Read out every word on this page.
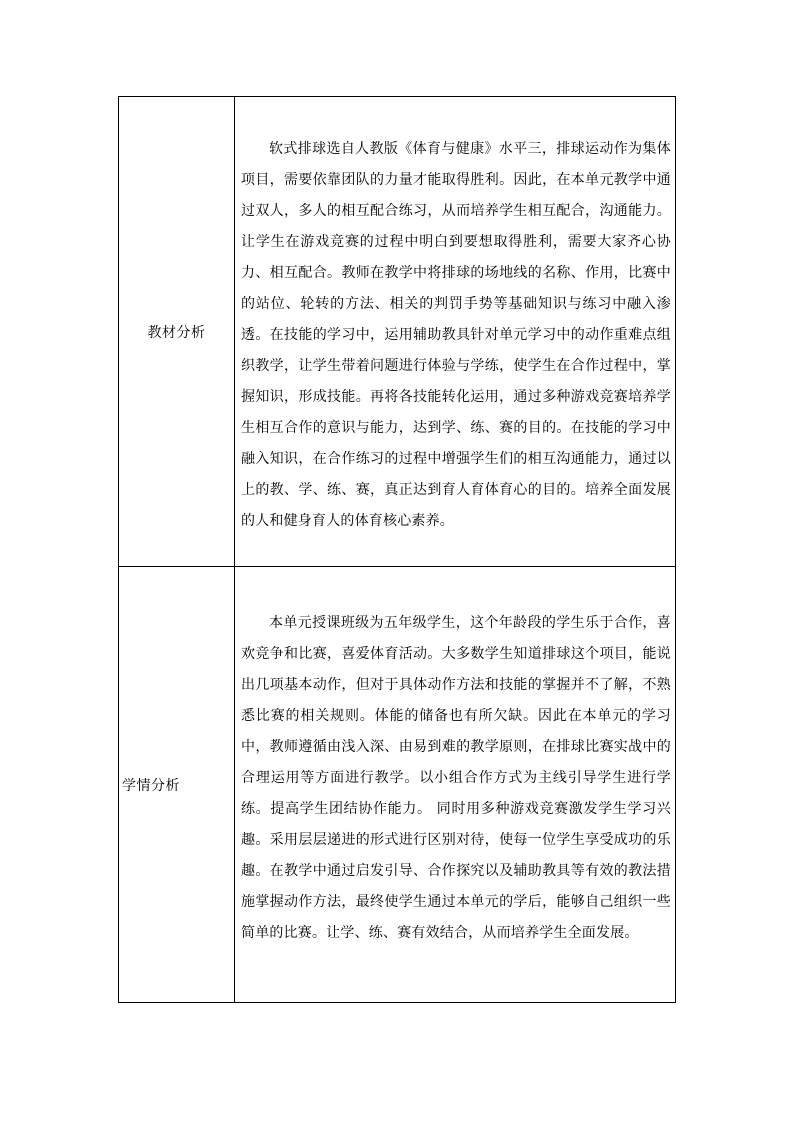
教材分析	软式排球选自人教版《体育与健康》水平三，排球运动作为集体项目，需要依靠团队的力量才能取得胜利。因此，在本单元教学中通过双人，多人的相互配合练习，从而培养学生相互配合，沟通能力。让学生在游戏竞赛的过程中明白到要想取得胜利，需要大家齐心协力、相互配合。教师在教学中将排球的场地线的名称、作用，比赛中的站位、轮转的方法、相关的判罚手势等基础知识与练习中融入渗透。在技能的学习中，运用辅助教具针对单元学习中的动作重难点组织教学，让学生带着问题进行体验与学练，使学生在合作过程中，掌握知识，形成技能。再将各技能转化运用，通过多种游戏竞赛培养学生相互合作的意识与能力，达到学、练、赛的目的。在技能的学习中融入知识，在合作练习的过程中增强学生们的相互沟通能力，通过以上的教、学、练、赛，真正达到育人育体育心的目的。培养全面发展的人和健身育人的体育核心素养。

学情分析	本单元授课班级为五年级学生，这个年龄段的学生乐于合作，喜欢竞争和比赛，喜爱体育活动。大多数学生知道排球这个项目，能说出几项基本动作，但对于具体动作方法和技能的掌握并不了解，不熟悉比赛的相关规则。体能的储备也有所欠缺。因此在本单元的学习中，教师遵循由浅入深、由易到难的教学原则，在排球比赛实战中的合理运用等方面进行教学。以小组合作方式为主线引导学生进行学练。提高学生团结协作能力。 同时用多种游戏竞赛激发学生学习兴趣。采用层层递进的形式进行区别对待，使每一位学生享受成功的乐趣。在教学中通过启发引导、合作探究以及辅助教具等有效的教法措施掌握动作方法，最终使学生通过本单元的学后，能够自己组织一些简单的比赛。让学、练、赛有效结合，从而培养学生全面发展。
